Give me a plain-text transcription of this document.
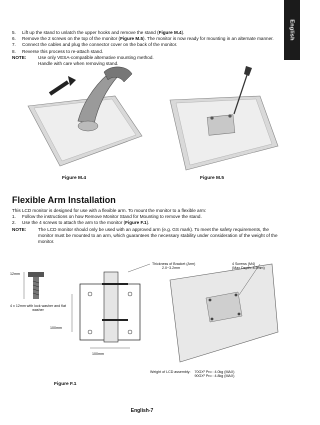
English
5.	Lift up the stand to unlatch the upper hooks and remove the stand (Figure M.4).
6.	Remove the 2 screws on the top of the monitor (Figure M.5). The monitor is now ready for mounting in an alternate manner.
7.	Connect the cables and plug the connector cover on the back of the monitor.
8.	Reverse this process to re-attach stand.
NOTE:	Use only VESA-compatible alternative mounting method.
Handle with care when removing stand.
Figure M.4	Figure M.5
Flexible Arm Installation
This LCD monitor is designed for use with a flexible arm. To mount the monitor to a flexible arm:
1.	Follow the instructions on how Remove Monitor Stand for Mounting to remove the stand.
2.	Use the 4 screws to attach the arm to the monitor (Figure F.1).
NOTE:	The LCD monitor should only be used with an approved arm (e.g. GS mark). To meet the safety requirements, the monitor must be mounted to an arm, which guarantees the necessary stability under consideration of the weight of the monitor.
12mm
4 x 12mm with lock washer and flat washer
Thickness of Bracket (Arm)
2.0~3.2mm
100mm
100mm
4 Screws (M4)
(Max Depth: 8.5mm)
Weight of LCD assembly: 70GX² Pro : 4.0kg (MAX)
90GX² Pro : 4.8kg (MAX)
Figure F.1
English-7
